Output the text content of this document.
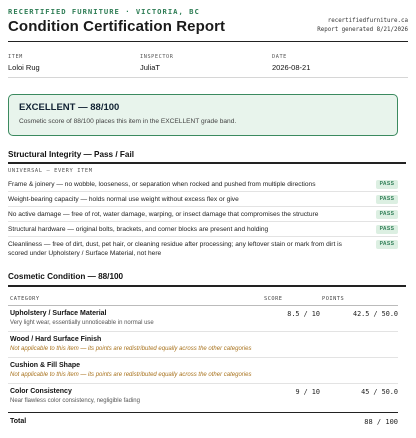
RECERTIFIED FURNITURE · VICTORIA, BC
Condition Certification Report	recertifiedfurniture.ca
Report generated 8/21/2026
ITEM
Loloi Rug
INSPECTOR
JuliaT
DATE
2026-08-21
EXCELLENT — 88/100
Cosmetic score of 88/100 places this item in the EXCELLENT grade band.
Structural Integrity — Pass / Fail
UNIVERSAL — EVERY ITEM
Frame & joinery — no wobble, looseness, or separation when rocked and pushed from multiple directions	PASS
Weight-bearing capacity — holds normal use weight without excess flex or give	PASS
No active damage — free of rot, water damage, warping, or insect damage that compromises the structure	PASS
Structural hardware — original bolts, brackets, and corner blocks are present and holding	PASS
Cleanliness — free of dirt, dust, pet hair, or cleaning residue after processing; any leftover stain or mark from dirt is scored under Upholstery / Surface Material, not here
PASS
Cosmetic Condition — 88/100
CATEGORY	SCORE	POINTS
Upholstery / Surface Material
Very light wear, essentially unnoticeable in normal use
8.5 / 10	42.5 / 50.0
Wood / Hard Surface Finish
Not applicable to this item — its points are redistributed equally across the other categories
Cushion & Fill Shape
Not applicable to this item — its points are redistributed equally across the other categories
Color Consistency
Near flawless color consistency, negligible fading
9 / 10	45 / 50.0
Total	88 / 100
